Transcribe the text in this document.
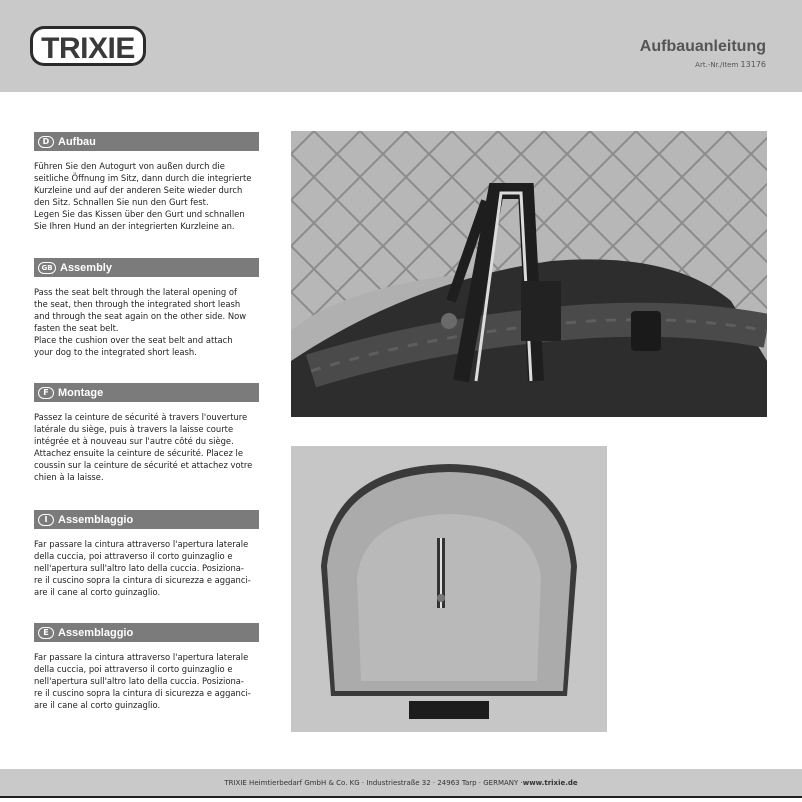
TRIXIE	Aufbauanleitung
Art.-Nr./Item 13176
D Aufbau
Führen Sie den Autogurt von außen durch die
seitliche Öffnung im Sitz, dann durch die integrierte
Kurzleine und auf der anderen Seite wieder durch
den Sitz. Schnallen Sie nun den Gurt fest.
Legen Sie das Kissen über den Gurt und schnallen
Sie Ihren Hund an der integrierten Kurzleine an.
GB Assembly
Pass the seat belt through the lateral opening of
the seat, then through the integrated short leash
and through the seat again on the other side. Now
fasten the seat belt.
Place the cushion over the seat belt and attach
your dog to the integrated short leash.
F Montage
Passez la ceinture de sécurité à travers l'ouverture
latérale du siège, puis à travers la laisse courte
intégrée et à nouveau sur l'autre côté du siège.
Attachez ensuite la ceinture de sécurité. Placez le
coussin sur la ceinture de sécurité et attachez votre
chien à la laisse.
I Assemblaggio
Far passare la cintura attraverso l'apertura laterale
della cuccia, poi attraverso il corto guinzaglio e
nell'apertura sull'altro lato della cuccia. Posiziona-
re il cuscino sopra la cintura di sicurezza e agganci-
are il cane al corto guinzaglio.
E Assemblaggio
Far passare la cintura attraverso l'apertura laterale
della cuccia, poi attraverso il corto guinzaglio e
nell'apertura sull'altro lato della cuccia. Posiziona-
re il cuscino sopra la cintura di sicurezza e agganci-
are il cane al corto guinzaglio.
TRIXIE Heimtierbedarf GmbH & Co. KG · Industriestraße 32 · 24963 Tarp · GERMANY · www.trixie.de
